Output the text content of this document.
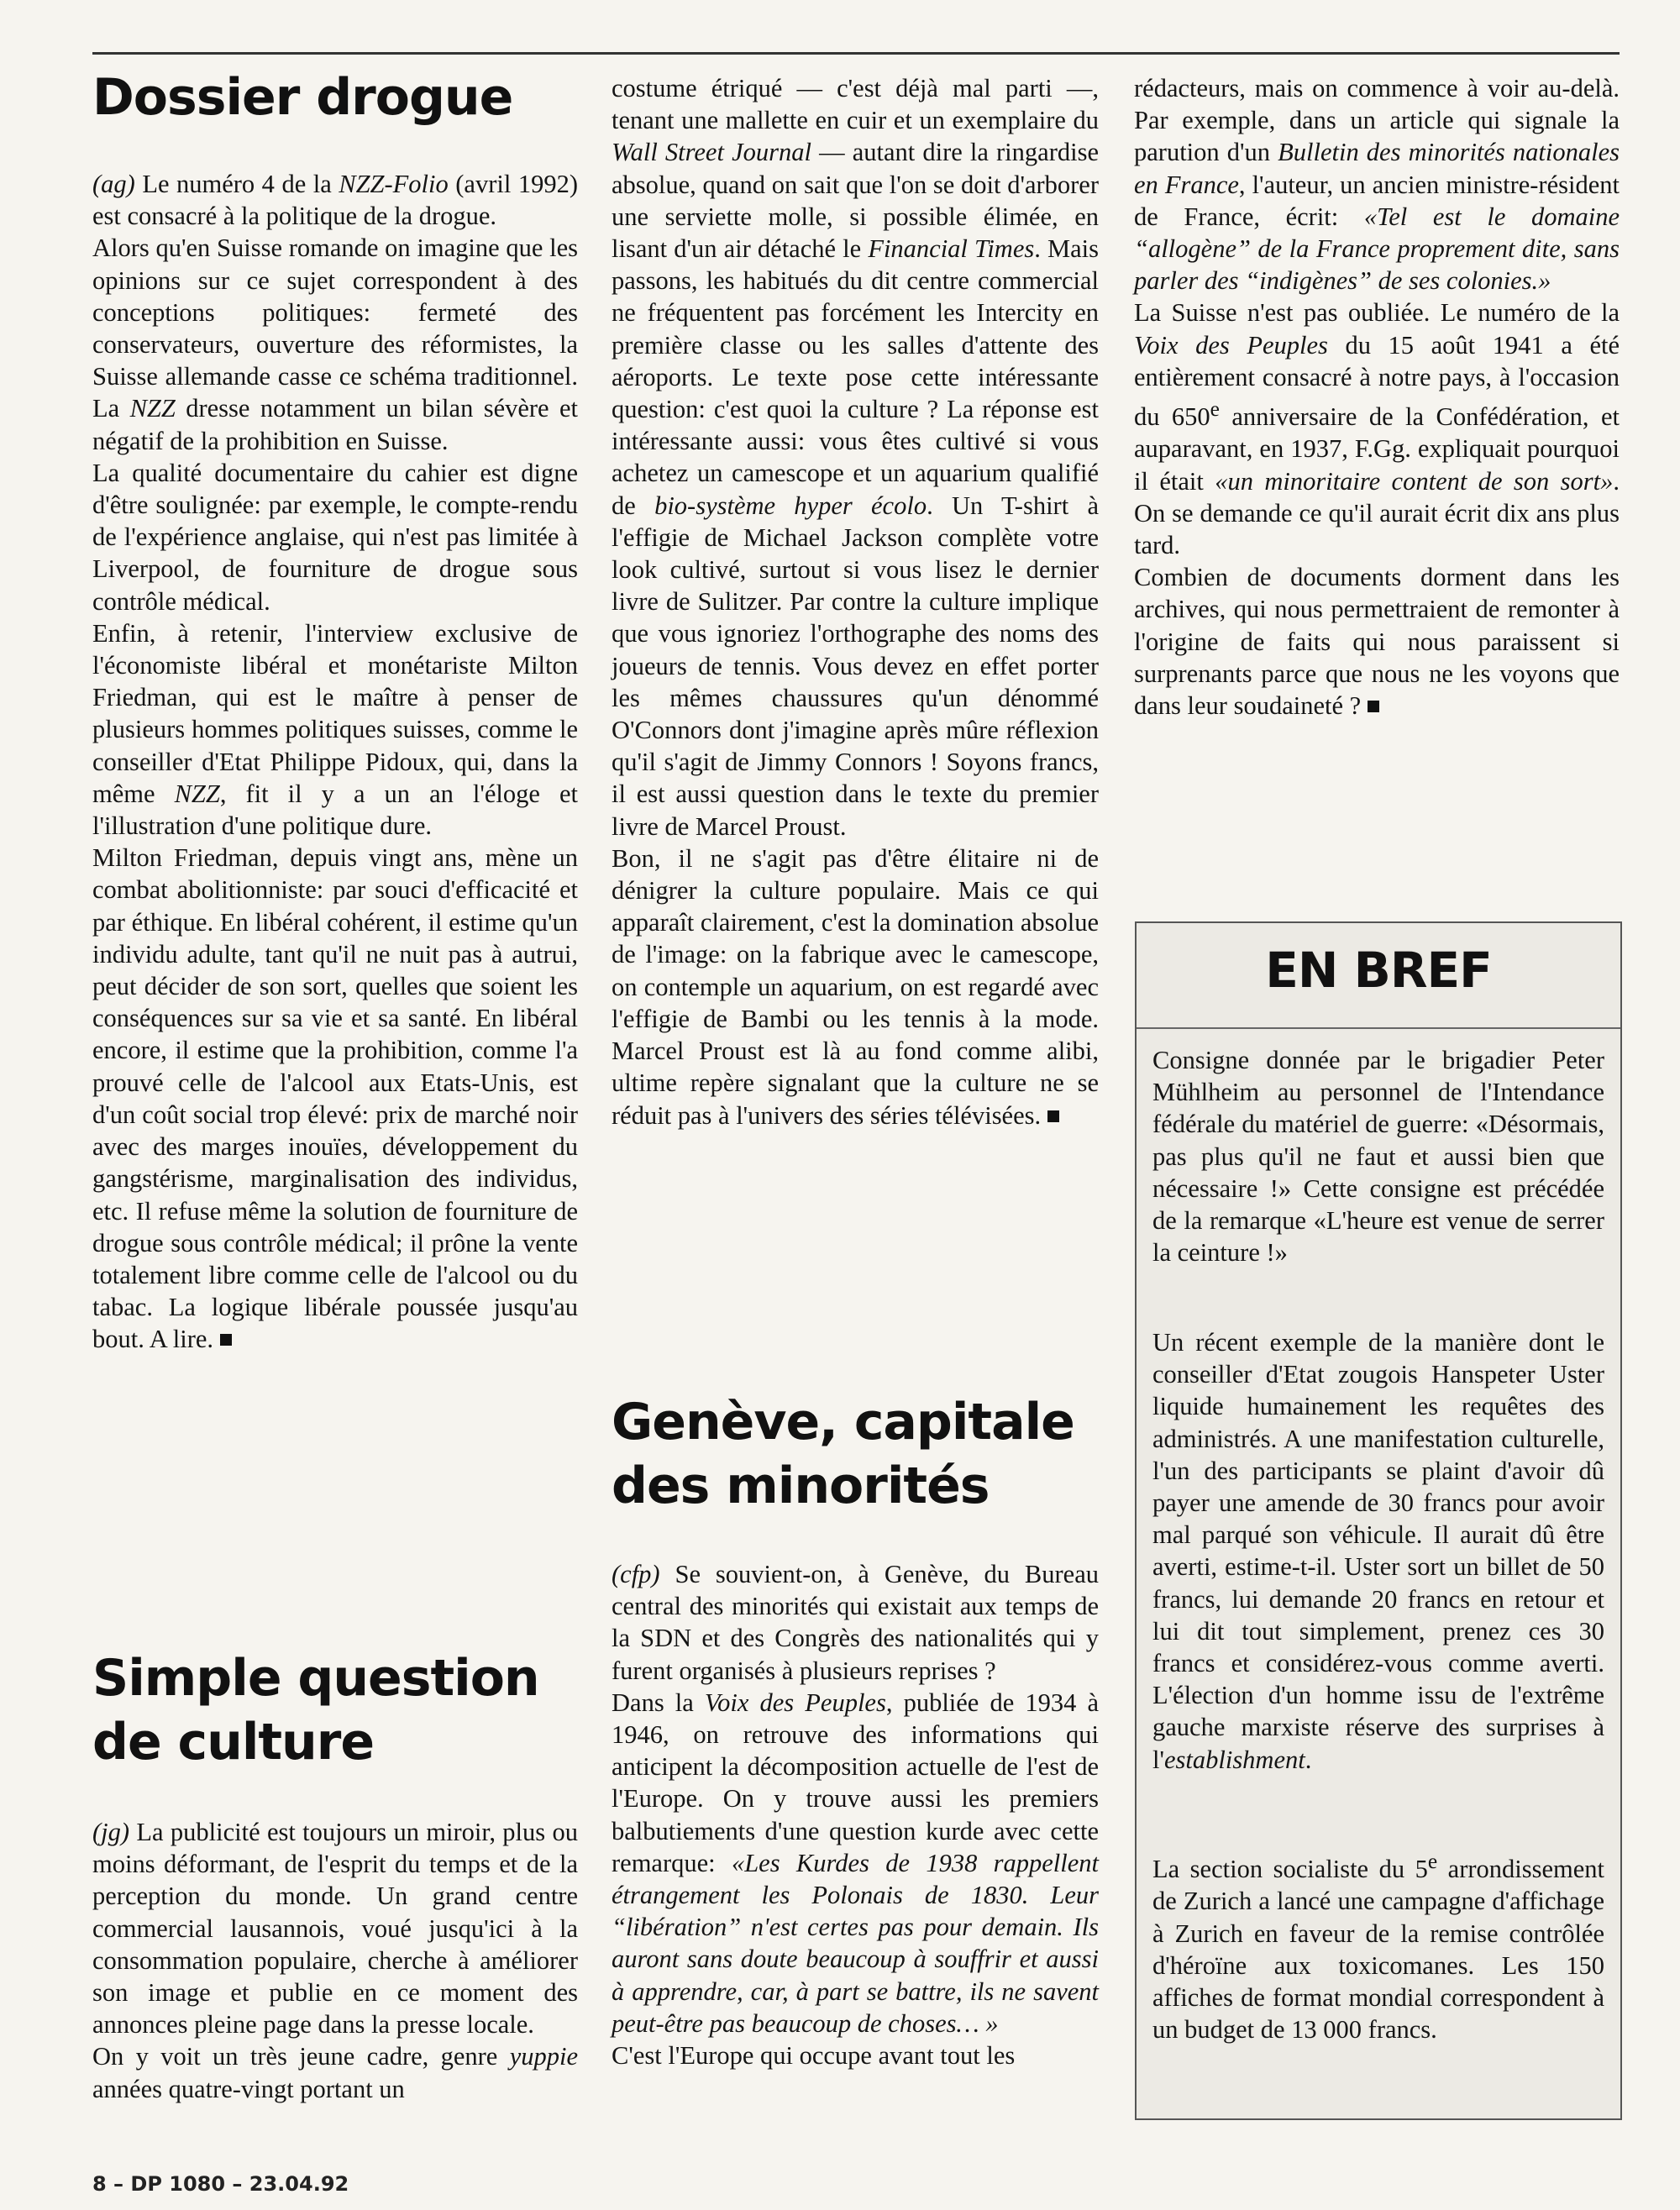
Dossier drogue

(ag) Le numéro 4 de la NZZ-Folio (avril 1992) est consacré à la politique de la drogue.

Alors qu'en Suisse romande on imagine que les opinions sur ce sujet correspondent à des conceptions politiques: fermeté des conservateurs, ouverture des réformistes, la Suisse allemande casse ce schéma traditionnel. La NZZ dresse notamment un bilan sévère et négatif de la prohibition en Suisse.

La qualité documentaire du cahier est digne d'être soulignée: par exemple, le compte-rendu de l'expérience anglaise, qui n'est pas limitée à Liverpool, de fourniture de drogue sous contrôle médical.

Enfin, à retenir, l'interview exclusive de l'économiste libéral et monétariste Milton Friedman, qui est le maître à penser de plusieurs hommes politiques suisses, comme le conseiller d'Etat Philippe Pidoux, qui, dans la même NZZ, fit il y a un an l'éloge et l'illustration d'une politique dure.

Milton Friedman, depuis vingt ans, mène un combat abolitionniste: par souci d'efficacité et par éthique. En libéral cohérent, il estime qu'un individu adulte, tant qu'il ne nuit pas à autrui, peut décider de son sort, quelles que soient les conséquences sur sa vie et sa santé. En libéral encore, il estime que la prohibition, comme l'a prouvé celle de l'alcool aux Etats-Unis, est d'un coût social trop élevé: prix de marché noir avec des marges inouïes, développement du gangstérisme, marginalisation des individus, etc. Il refuse même la solution de fourniture de drogue sous contrôle médical; il prône la vente totalement libre comme celle de l'alcool ou du tabac. La logique libérale poussée jusqu'au bout. A lire.

Simple question
de culture

(jg) La publicité est toujours un miroir, plus ou moins déformant, de l'esprit du temps et de la perception du monde. Un grand centre commercial lausannois, voué jusqu'ici à la consommation populaire, cherche à améliorer son image et publie en ce moment des annonces pleine page dans la presse locale.

On y voit un très jeune cadre, genre yuppie années quatre-vingt portant un

costume étriqué — c'est déjà mal parti —, tenant une mallette en cuir et un exemplaire du Wall Street Journal — autant dire la ringardise absolue, quand on sait que l'on se doit d'arborer une serviette molle, si possible élimée, en lisant d'un air détaché le Financial Times. Mais passons, les habitués du dit centre commercial ne fréquentent pas forcément les Intercity en première classe ou les salles d'attente des aéroports. Le texte pose cette intéressante question: c'est quoi la culture ? La réponse est intéressante aussi: vous êtes cultivé si vous achetez un camescope et un aquarium qualifié de bio-système hyper écolo. Un T-shirt à l'effigie de Michael Jackson complète votre look cultivé, surtout si vous lisez le dernier livre de Sulitzer. Par contre la culture implique que vous ignoriez l'orthographe des noms des joueurs de tennis. Vous devez en effet porter les mêmes chaussures qu'un dénommé O'Connors dont j'imagine après mûre réflexion qu'il s'agit de Jimmy Connors ! Soyons francs, il est aussi question dans le texte du premier livre de Marcel Proust.

Bon, il ne s'agit pas d'être élitaire ni de dénigrer la culture populaire. Mais ce qui apparaît clairement, c'est la domination absolue de l'image: on la fabrique avec le camescope, on contemple un aquarium, on est regardé avec l'effigie de Bambi ou les tennis à la mode. Marcel Proust est là au fond comme alibi, ultime repère signalant que la culture ne se réduit pas à l'univers des séries télévisées.

Genève, capitale
des minorités

(cfp) Se souvient-on, à Genève, du Bureau central des minorités qui existait aux temps de la SDN et des Congrès des nationalités qui y furent organisés à plusieurs reprises ?

Dans la Voix des Peuples, publiée de 1934 à 1946, on retrouve des informations qui anticipent la décomposition actuelle de l'est de l'Europe. On y trouve aussi les premiers balbutiements d'une question kurde avec cette remarque: «Les Kurdes de 1938 rappellent étrangement les Polonais de 1830. Leur “libération” n'est certes pas pour demain. Ils auront sans doute beaucoup à souffrir et aussi à apprendre, car, à part se battre, ils ne savent peut-être pas beaucoup de choses… »

C'est l'Europe qui occupe avant tout les

rédacteurs, mais on commence à voir au-delà. Par exemple, dans un article qui signale la parution d'un Bulletin des minorités nationales en France, l'auteur, un ancien ministre-résident de France, écrit: «Tel est le domaine “allogène” de la France proprement dite, sans parler des “indigènes” de ses colonies.»

La Suisse n'est pas oubliée. Le numéro de la Voix des Peuples du 15 août 1941 a été entièrement consacré à notre pays, à l'occasion du 650e anniversaire de la Confédération, et auparavant, en 1937, F.Gg. expliquait pourquoi il était «un minoritaire content de son sort». On se demande ce qu'il aurait écrit dix ans plus tard.

Combien de documents dorment dans les archives, qui nous permettraient de remonter à l'origine de faits qui nous paraissent si surprenants parce que nous ne les voyons que dans leur soudaineté ?

EN BREF
Consigne donnée par le brigadier Peter Mühlheim au personnel de l'Intendance fédérale du matériel de guerre: «Désormais, pas plus qu'il ne faut et aussi bien que nécessaire !» Cette consigne est précédée de la remarque «L'heure est venue de serrer la ceinture !»
Un récent exemple de la manière dont le conseiller d'Etat zougois Hanspeter Uster liquide humainement les requêtes des administrés. A une manifestation culturelle, l'un des participants se plaint d'avoir dû payer une amende de 30 francs pour avoir mal parqué son véhicule. Il aurait dû être averti, estime-t-il. Uster sort un billet de 50 francs, lui demande 20 francs en retour et lui dit tout simplement, prenez ces 30 francs et considérez-vous comme averti. L'élection d'un homme issu de l'extrême gauche marxiste réserve des surprises à l'establishment.
La section socialiste du 5e arrondissement de Zurich a lancé une campagne d'affichage à Zurich en faveur de la remise contrôlée d'héroïne aux toxicomanes. Les 150 affiches de format mondial correspondent à un budget de 13 000 francs.
8 – DP 1080 – 23.04.92
